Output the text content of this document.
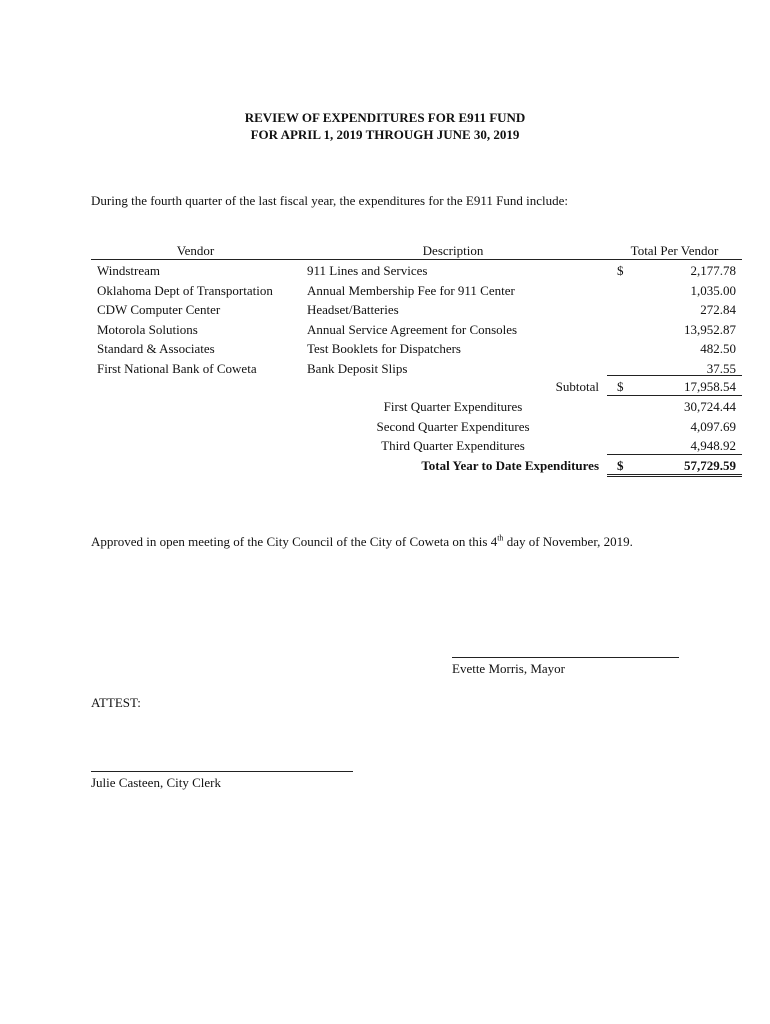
REVIEW OF EXPENDITURES FOR E911 FUND
FOR APRIL 1, 2019 THROUGH JUNE 30, 2019
During the fourth quarter of the last fiscal year, the expenditures for the E911 Fund include:
Vendor	Description	Total Per Vendor
Windstream	911 Lines and Services	$	2,177.78
Oklahoma Dept of Transportation	Annual Membership Fee for 911 Center	1,035.00
CDW Computer Center	Headset/Batteries	272.84
Motorola Solutions	Annual Service Agreement for Consoles	13,952.87
Standard & Associates	Test Booklets for Dispatchers	482.50
First National Bank of Coweta	Bank Deposit Slips	37.55
Subtotal $	17,958.54
First Quarter Expenditures	30,724.44
Second Quarter Expenditures	4,097.69
Third Quarter Expenditures	4,948.92
Total Year to Date Expenditures $	57,729.59
Approved in open meeting of the City Council of the City of Coweta on this 4th day of November, 2019.
Evette Morris, Mayor
ATTEST:
Julie Casteen, City Clerk
